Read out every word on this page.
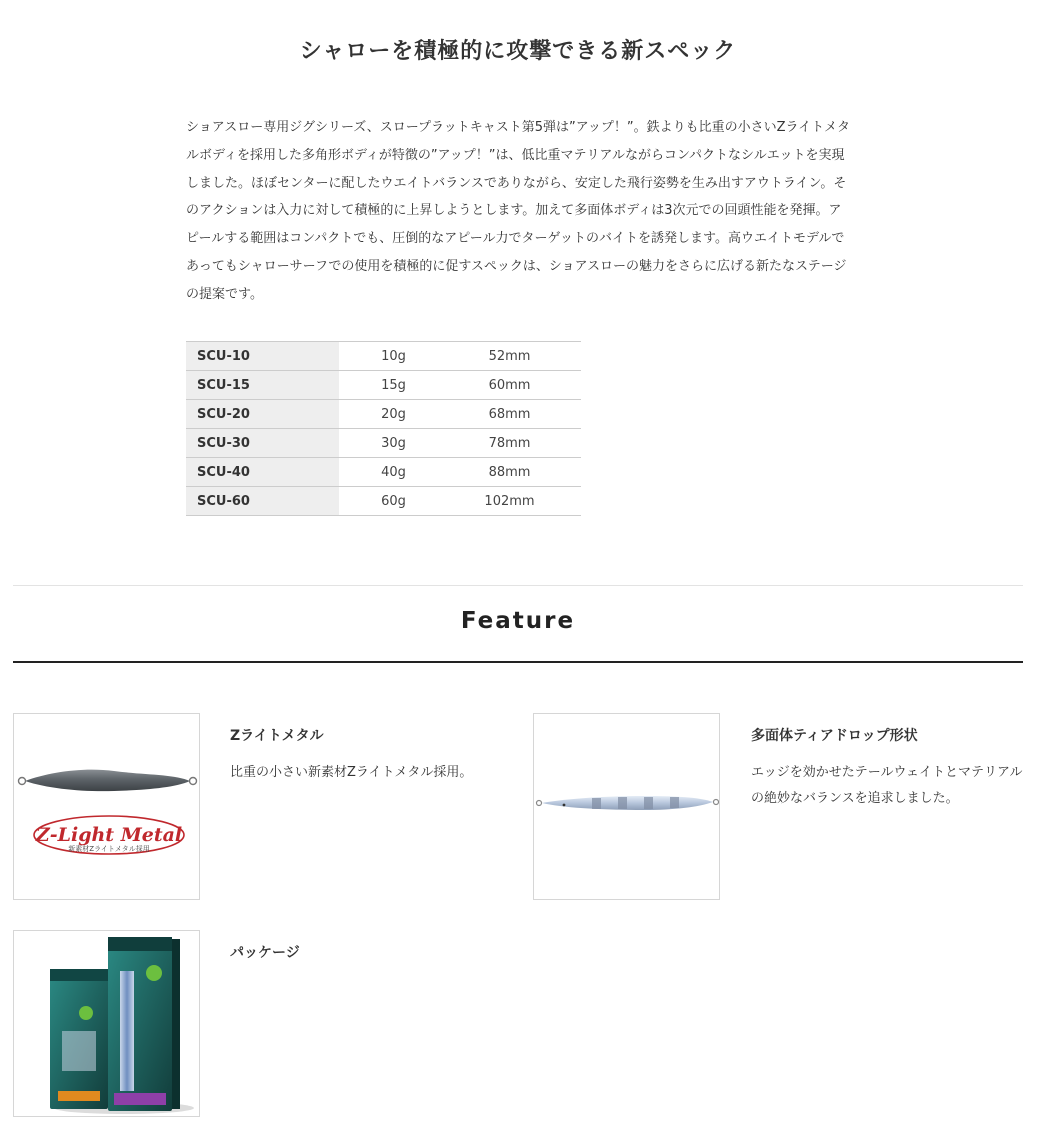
シャローを積極的に攻撃できる新スペック

ショアスロー専用ジグシリーズ、スロープラットキャスト第5弾は”アップ！”。鉄よりも比重の小さいZライトメタルボディを採用した多角形ボディが特徴の”アップ！”は、低比重マテリアルながらコンパクトなシルエットを実現しました。ほぼセンターに配したウエイトバランスでありながら、安定した飛行姿勢を生み出すアウトライン。そのアクションは入力に対して積極的に上昇しようとします。加えて多面体ボディは3次元での回頭性能を発揮。アピールする範囲はコンパクトでも、圧倒的なアピール力でターゲットのバイトを誘発します。高ウエイトモデルであってもシャローサーフでの使用を積極的に促すスペックは、ショアスローの魅力をさらに広げる新たなステージの提案です。

SCU-10	10g	52mm
SCU-15	15g	60mm
SCU-20	20g	68mm
SCU-30	30g	78mm
SCU-40	40g	88mm
SCU-60	60g	102mm
Feature
Z-Light Metal
新素材Zライトメタル採用
Zライトメタル
比重の小さい新素材Zライトメタル採用。
多面体ティアドロップ形状
エッジを効かせたテールウェイトとマテリアルの絶妙なバランスを追求しました。
パッケージ
